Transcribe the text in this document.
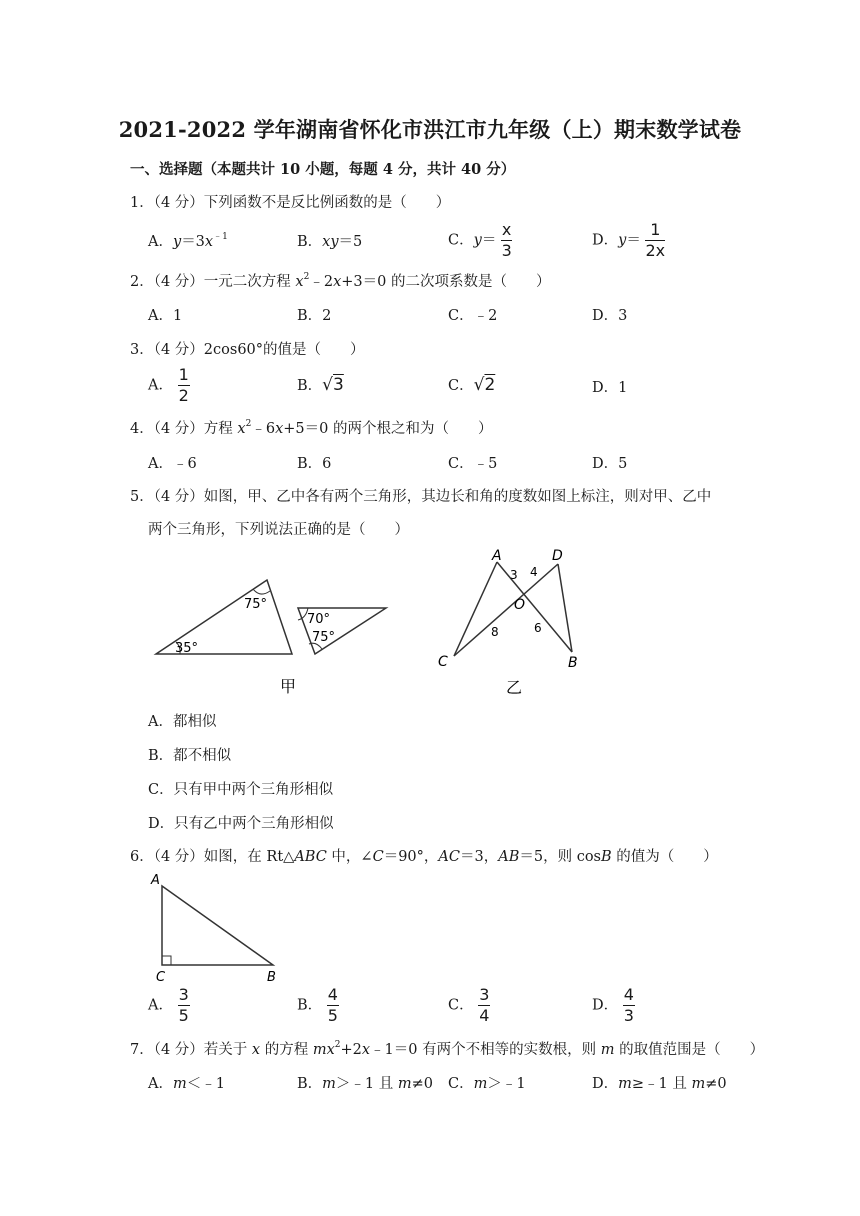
2021-2022 学年湖南省怀化市洪江市九年级（上）期末数学试卷
一、选择题（本题共计 10 小题，每题 4 分，共计 40 分）
1．（4 分）下列函数不是反比例函数的是（　　）
A．$y=3x^{﹣1}$	B．xy＝5	C．$y= \frac{x}{3}$	D．$y= \frac{1}{2x}$
2．（4 分）一元二次方程 $x^2﹣2x+3=0$ 的二次项系数是（　　）
A．1	B．2	C．﹣2	D．3
3．（4 分）2cos60°的值是（　　）
A． $\frac{1}{2}$	B．√3	C．√2	D．1
4．（4 分）方程 $x^2﹣6x+5=0$ 的两个根之和为（　　）
A．﹣6	B．6	C．﹣5	D．5
5．（4 分）如图，甲、乙中各有两个三角形，其边长和角的度数如图上标注，则对甲、乙中
两个三角形，下列说法正确的是（　　）
75°
35°
70°
75°
甲
A	D
O
C	B
3 4
8	6
乙
A．都相似
B．都不相似
C．只有甲中两个三角形相似
D．只有乙中两个三角形相似
6．（4 分）如图，在 Rt△ABC 中，∠C＝90°，AC＝3，AB＝5，则 cosB 的值为（　　）
A
C	B
A． $\frac{3}{5}$	B． $\frac{4}{5}$	C． $\frac{3}{4}$	D． $\frac{4}{3}$
7．（4 分）若关于 x 的方程 $mx^2+2x﹣1=0$ 有两个不相等的实数根，则 m 的取值范围是（　　）
A．m＜﹣1	B．m＞﹣1 且 m≠0 C．m＞﹣1	D．m≥﹣1 且 m≠0
